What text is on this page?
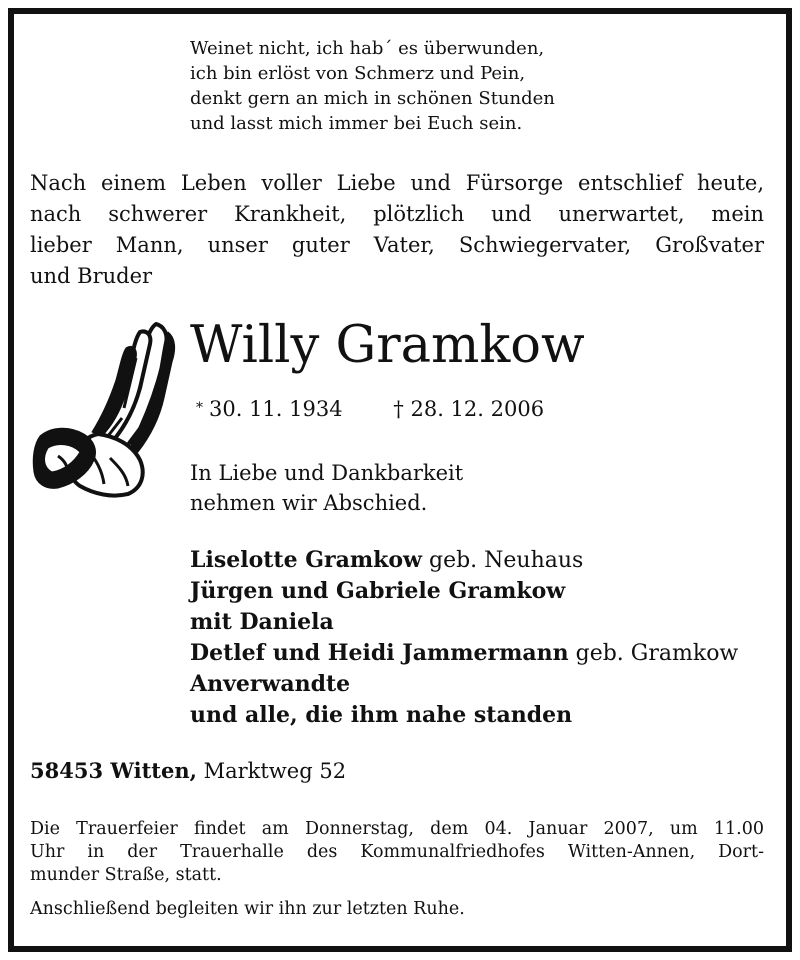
Weinet nicht, ich hab´ es überwunden,
ich bin erlöst von Schmerz und Pein,
denkt gern an mich in schönen Stunden
und lasst mich immer bei Euch sein.
Nach einem Leben voller Liebe und Fürsorge entschlief heute,
nach schwerer Krankheit, plötzlich und unerwartet, mein
lieber Mann, unser guter Vater, Schwiegervater, Großvater
und Bruder
Willy Gramkow
* 30. 11. 1934 † 28. 12. 2006
In Liebe und Dankbarkeit
nehmen wir Abschied.
Liselotte Gramkow geb. Neuhaus
Jürgen und Gabriele Gramkow
mit Daniela
Detlef und Heidi Jammermann geb. Gramkow
Anverwandte
und alle, die ihm nahe standen
58453 Witten, Marktweg 52
Die Trauerfeier findet am Donnerstag, dem 04. Januar 2007, um 11.00
Uhr in der Trauerhalle des Kommunalfriedhofes Witten-Annen, Dort-
munder Straße, statt.
Anschließend begleiten wir ihn zur letzten Ruhe.
